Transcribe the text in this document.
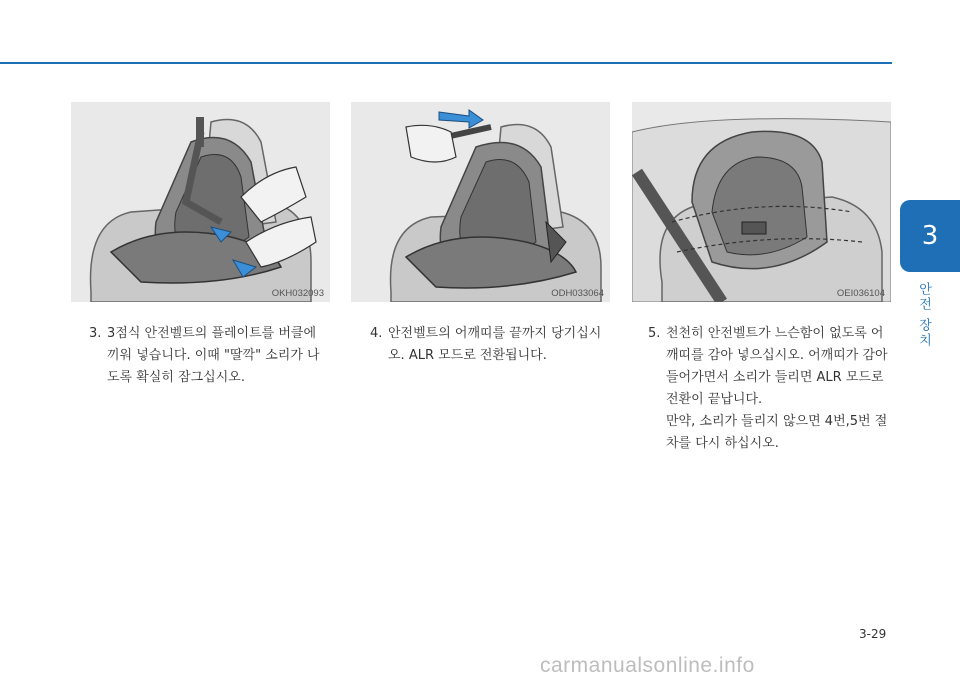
3
안전 장치
OKH032093	ODH033064	OEI036104
3. 3점식 안전벨트의 플레이트를 버클에 끼워 넣습니다. 이때 "딸깍" 소리가 나도록 확실히 잠그십시오.

4. 안전벨트의 어깨띠를 끝까지 당기십시오. ALR 모드로 전환됩니다.

5. 천천히 안전벨트가 느슨함이 없도록 어깨띠를 감아 넣으십시오. 어깨띠가 감아 들어가면서 소리가 들리면 ALR 모드로 전환이 끝납니다.

만약, 소리가 들리지 않으면 4번,5번 절차를 다시 하십시오.

3-29
carmanualsonline.info
